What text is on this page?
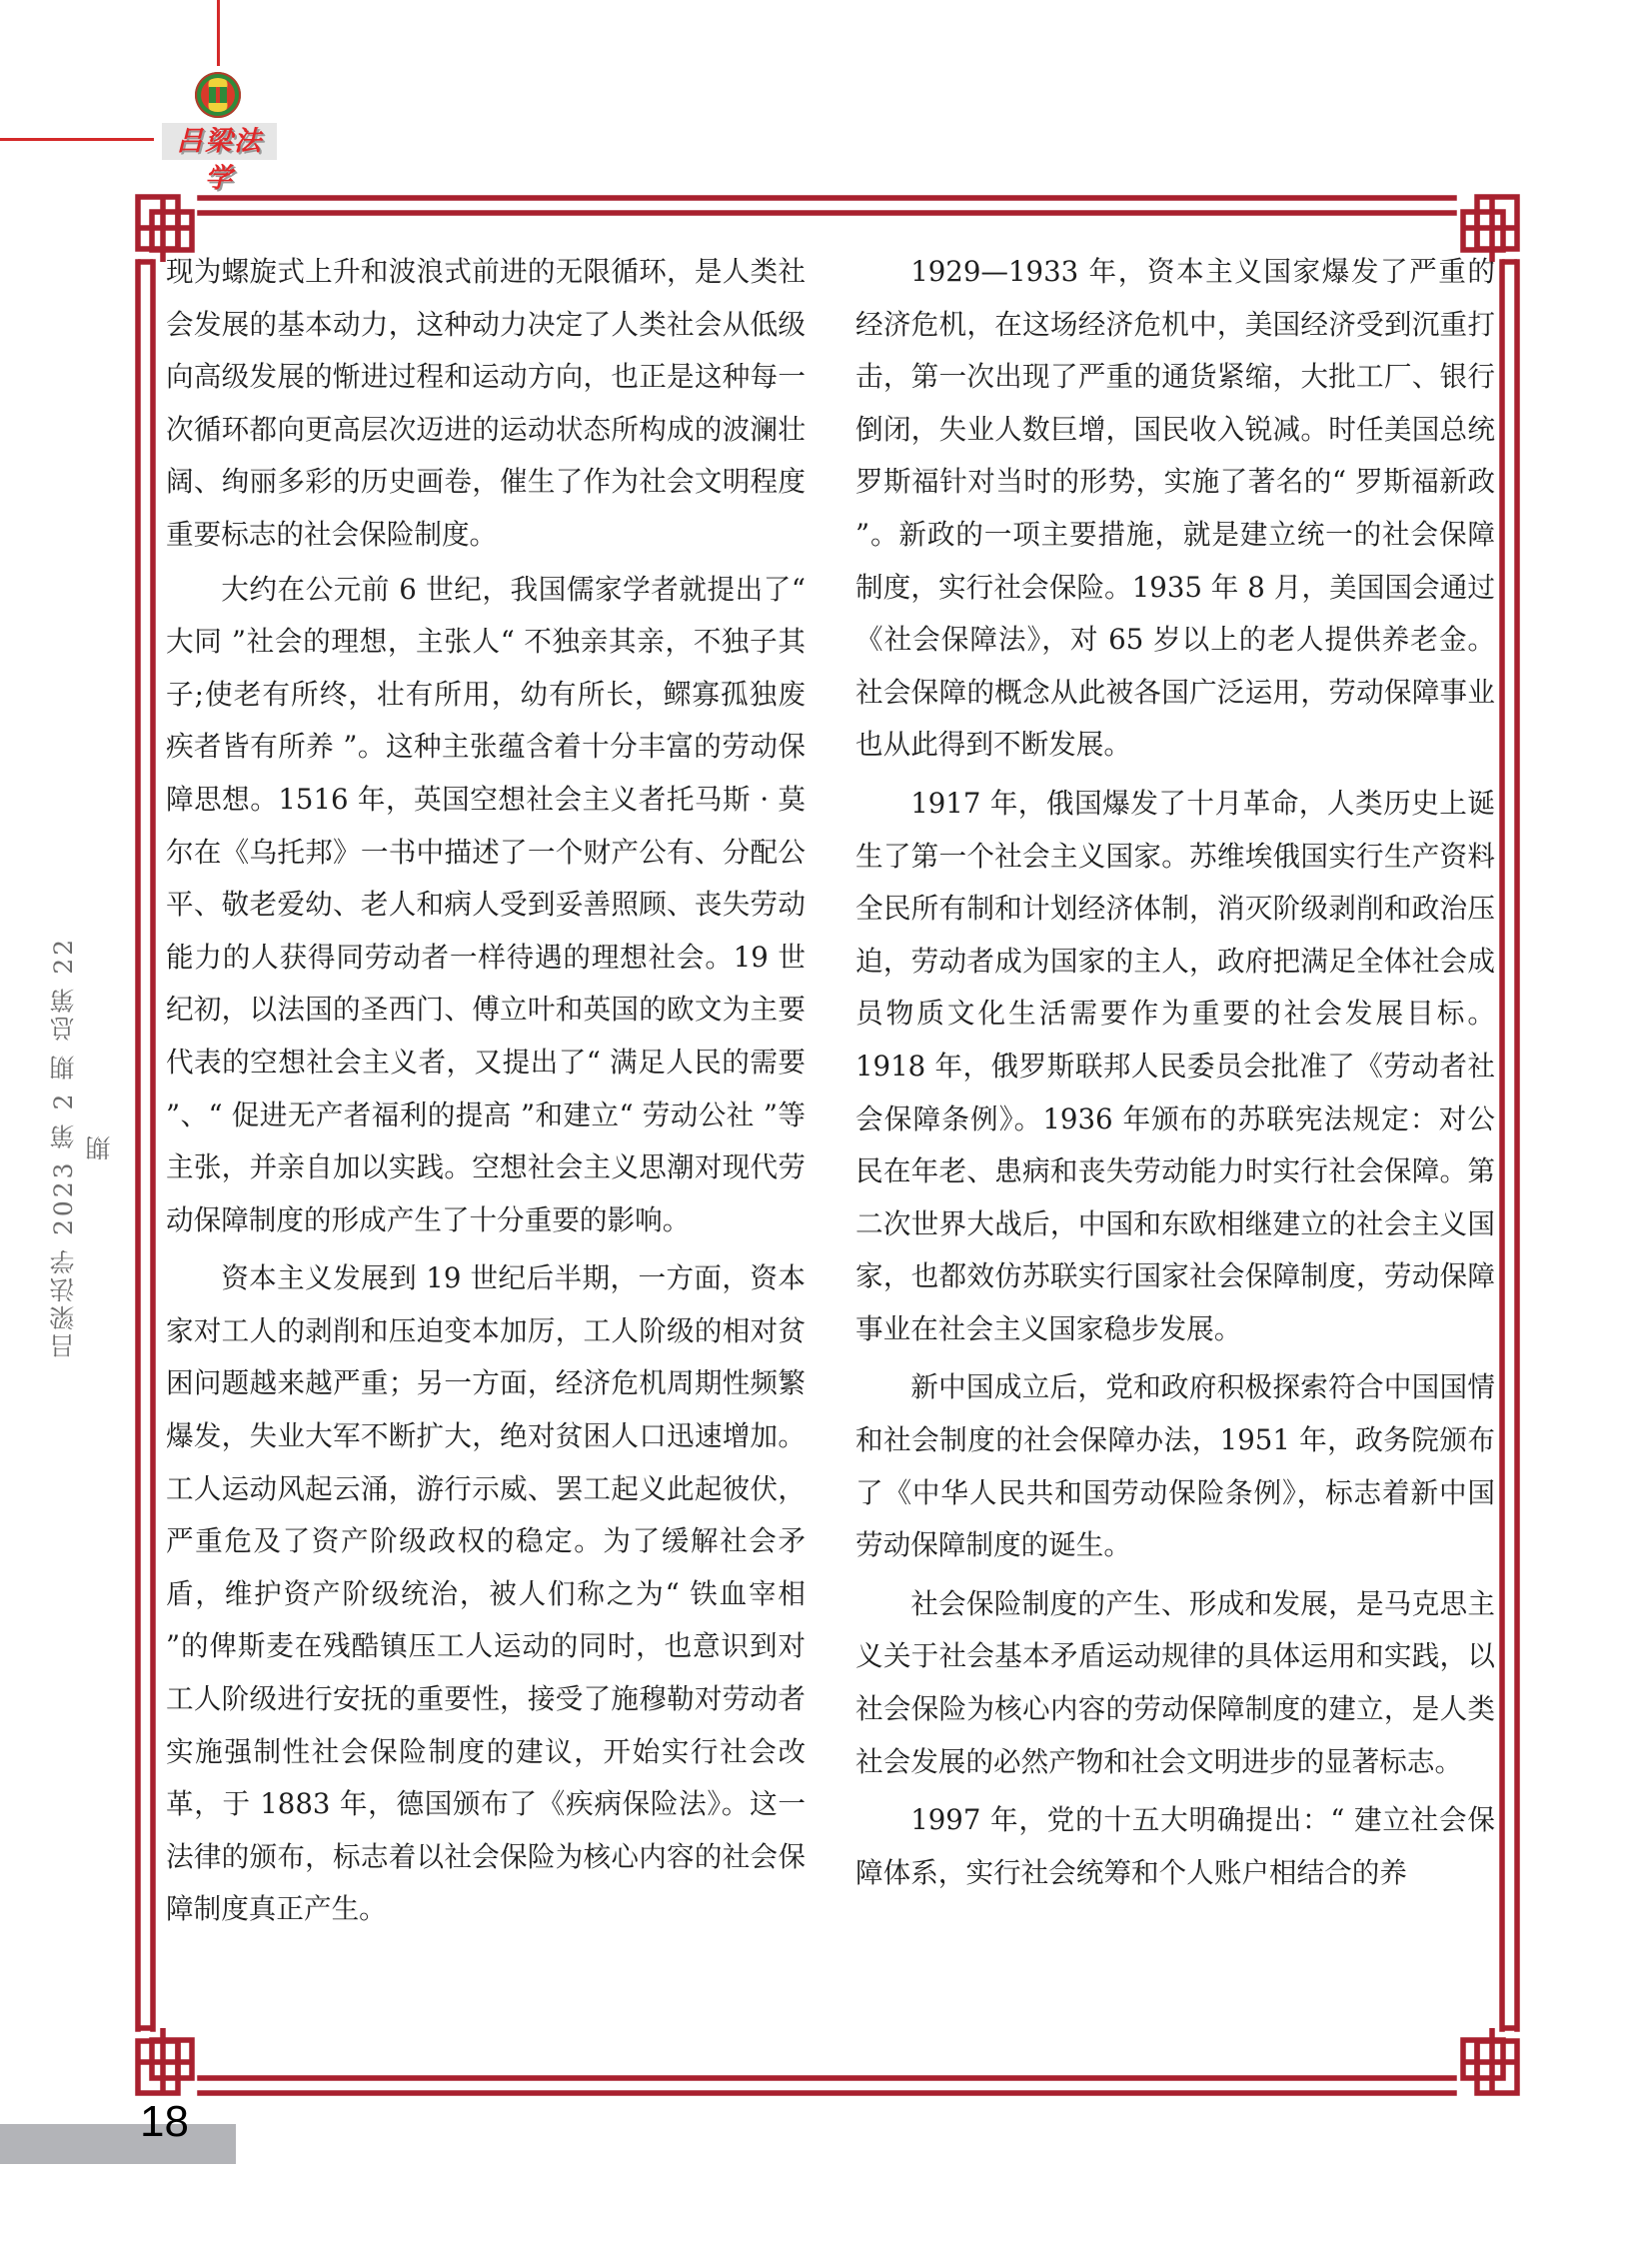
吕梁法学
吕梁法学 2023 第 2 期 总第 22 期

现为螺旋式上升和波浪式前进的无限循环，是人类社会发展的基本动力，这种动力决定了人类社会从低级向高级发展的惭进过程和运动方向，也正是这种每一次循环都向更高层次迈进的运动状态所构成的波澜壮阔、绚丽多彩的历史画卷，催生了作为社会文明程度重要标志的社会保险制度。

大约在公元前 6 世纪，我国儒家学者就提出了“ 大同 ”社会的理想，主张人“ 不独亲其亲，不独子其子;使老有所终，壮有所用，幼有所长，鳏寡孤独废疾者皆有所养 ”。这种主张蕴含着十分丰富的劳动保障思想。1516 年，英国空想社会主义者托马斯 · 莫尔在《乌托邦》一书中描述了一个财产公有、分配公平、敬老爱幼、老人和病人受到妥善照顾、丧失劳动能力的人获得同劳动者一样待遇的理想社会。19 世纪初，以法国的圣西门、傅立叶和英国的欧文为主要代表的空想社会主义者，又提出了“ 满足人民的需要 ”、“ 促进无产者福利的提高 ”和建立“ 劳动公社 ”等主张，并亲自加以实践。空想社会主义思潮对现代劳动保障制度的形成产生了十分重要的影响。

资本主义发展到 19 世纪后半期，一方面，资本家对工人的剥削和压迫变本加厉，工人阶级的相对贫困问题越来越严重；另一方面，经济危机周期性频繁爆发，失业大军不断扩大，绝对贫困人口迅速增加。工人运动风起云涌，游行示威、罢工起义此起彼伏，严重危及了资产阶级政权的稳定。为了缓解社会矛盾，维护资产阶级统治，被人们称之为“ 铁血宰相 ”的俾斯麦在残酷镇压工人运动的同时，也意识到对工人阶级进行安抚的重要性，接受了施穆勒对劳动者实施强制性社会保险制度的建议，开始实行社会改革，于 1883 年，德国颁布了《疾病保险法》。这一法律的颁布，标志着以社会保险为核心内容的社会保障制度真正产生。

1929—1933 年，资本主义国家爆发了严重的经济危机，在这场经济危机中，美国经济受到沉重打击，第一次出现了严重的通货紧缩，大批工厂、银行倒闭，失业人数巨增，国民收入锐减。时任美国总统罗斯福针对当时的形势，实施了著名的“ 罗斯福新政 ”。新政的一项主要措施，就是建立统一的社会保障制度，实行社会保险。1935 年 8 月，美国国会通过《社会保障法》，对 65 岁以上的老人提供养老金。社会保障的概念从此被各国广泛运用，劳动保障事业也从此得到不断发展。

1917 年，俄国爆发了十月革命，人类历史上诞生了第一个社会主义国家。苏维埃俄国实行生产资料全民所有制和计划经济体制，消灭阶级剥削和政治压迫，劳动者成为国家的主人，政府把满足全体社会成员物质文化生活需要作为重要的社会发展目标。1918 年，俄罗斯联邦人民委员会批准了《劳动者社会保障条例》。1936 年颁布的苏联宪法规定：对公民在年老、患病和丧失劳动能力时实行社会保障。第二次世界大战后，中国和东欧相继建立的社会主义国家，也都效仿苏联实行国家社会保障制度，劳动保障事业在社会主义国家稳步发展。

新中国成立后，党和政府积极探索符合中国国情和社会制度的社会保障办法，1951 年，政务院颁布了《中华人民共和国劳动保险条例》，标志着新中国劳动保障制度的诞生。

社会保险制度的产生、形成和发展，是马克思主义关于社会基本矛盾运动规律的具体运用和实践，以社会保险为核心内容的劳动保障制度的建立，是人类社会发展的必然产物和社会文明进步的显著标志。

1997 年，党的十五大明确提出：“ 建立社会保障体系，实行社会统筹和个人账户相结合的养

18
